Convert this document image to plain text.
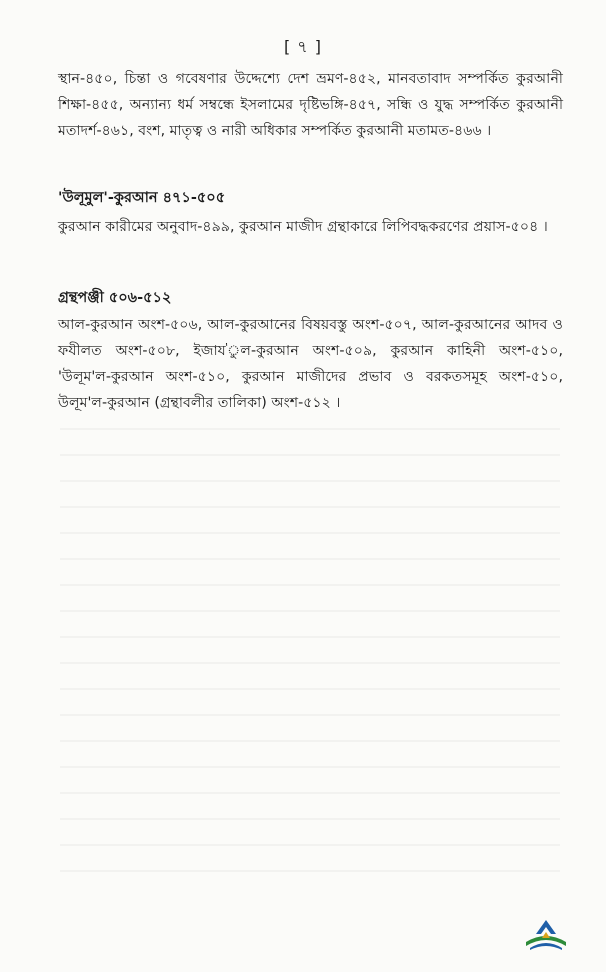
[ ৭ ]
স্থান-৪৫০, চিন্তা ও গবেষণার উদ্দেশ্যে দেশ ভ্রমণ-৪৫২, মানবতাবাদ সম্পর্কিত কুরআনী শিক্ষা-৪৫৫, অন্যান্য ধর্ম সম্বন্ধে ইসলামের দৃষ্টিভঙ্গি-৪৫৭, সন্ধি ও যুদ্ধ সম্পর্কিত কুরআনী মতাদর্শ-৪৬১, বংশ, মাতৃত্ব ও নারী অধিকার সম্পর্কিত কুরআনী মতামত-৪৬৬ ।
'উলূমুল'-কুরআন ৪৭১-৫০৫
কুরআন কারীমের অনুবাদ-৪৯৯, কুরআন মাজীদ গ্রন্থাকারে লিপিবদ্ধকরণের প্রয়াস-৫০৪ ।
গ্রন্থপঞ্জী ৫০৬-৫১২
আল-কুরআন অংশ-৫০৬, আল-কুরআনের বিষয়বস্তু অংশ-৫০৭, আল-কুরআনের আদব ও ফযীলত অংশ-৫০৮, ইজায'ুল-কুরআন অংশ-৫০৯, কুরআন কাহিনী অংশ-৫১০, 'উলূম'ল-কুরআন অংশ-৫১০, কুরআন মাজীদের প্রভাব ও বরকতসমূহ অংশ-৫১০, উলূম'ল-কুরআন (গ্রন্থাবলীর তালিকা) অংশ-৫১২ ।
